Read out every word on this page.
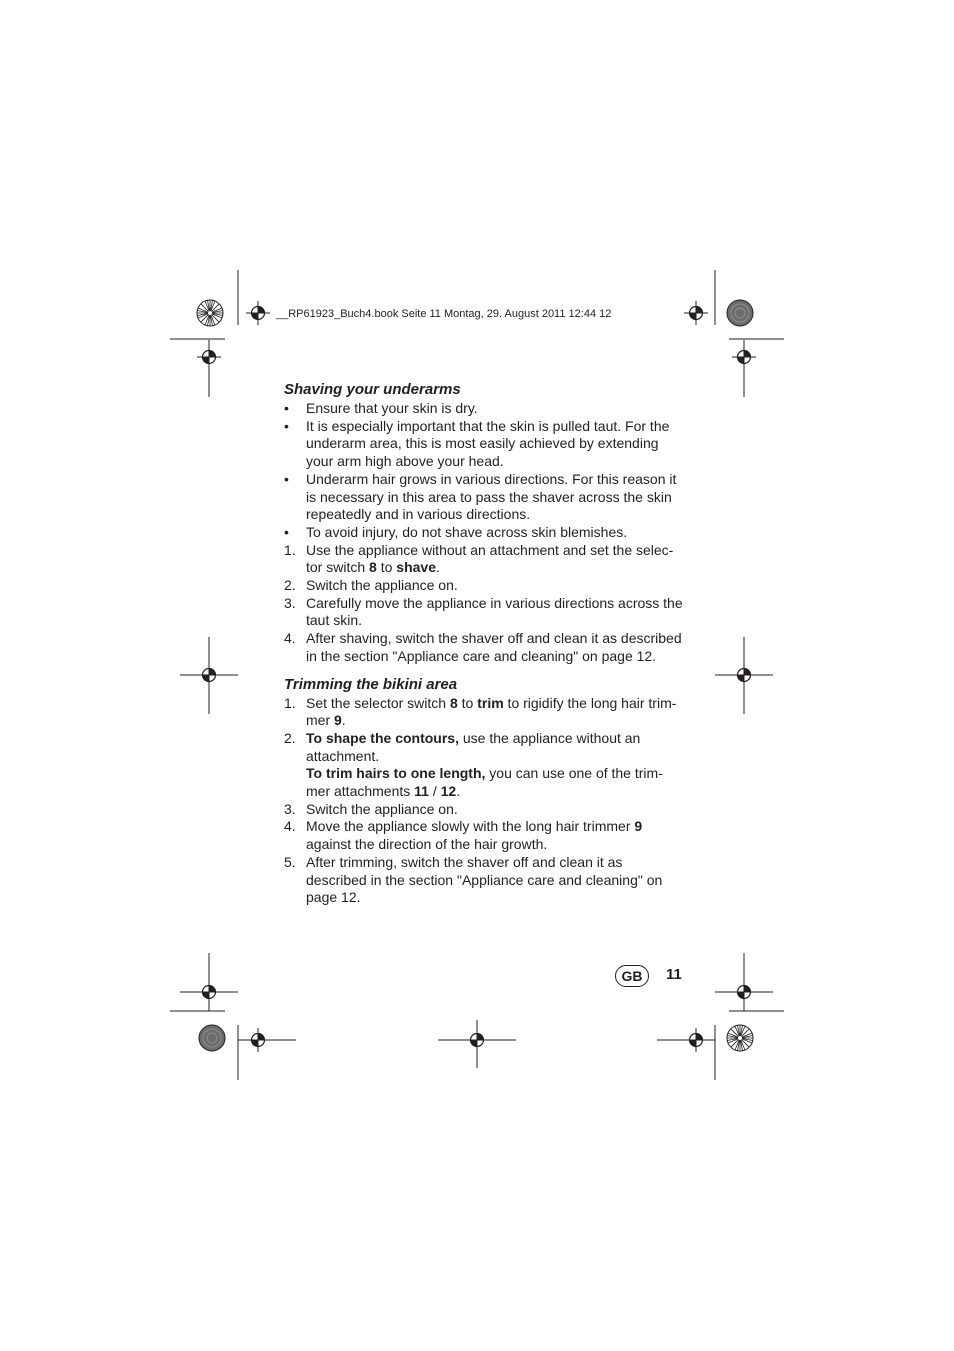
__RP61923_Buch4.book Seite 11 Montag, 29. August 2011 12:44 12
Shaving your underarms
•	Ensure that your skin is dry.
•	It is especially important that the skin is pulled taut. For the underarm area, this is most easily achieved by extending your arm high above your head.
•	Underarm hair grows in various directions. For this reason it is necessary in this area to pass the shaver across the skin repeatedly and in various directions.
•	To avoid injury, do not shave across skin blemishes.
1. Use the appliance without an attachment and set the selec-tor switch 8 to shave.
2. Switch the appliance on.
3. Carefully move the appliance in various directions across the taut skin.
4. After shaving, switch the shaver off and clean it as described in the section "Appliance care and cleaning" on page 12.
Trimming the bikini area
1. Set the selector switch 8 to trim to rigidify the long hair trim-mer 9.
2. To shape the contours, use the appliance without an attachment.
To trim hairs to one length, you can use one of the trim-mer attachments 11 / 12.
3. Switch the appliance on.
4. Move the appliance slowly with the long hair trimmer 9 against the direction of the hair growth.
5. After trimming, switch the shaver off and clean it as described in the section "Appliance care and cleaning" on page 12.
GB	11
